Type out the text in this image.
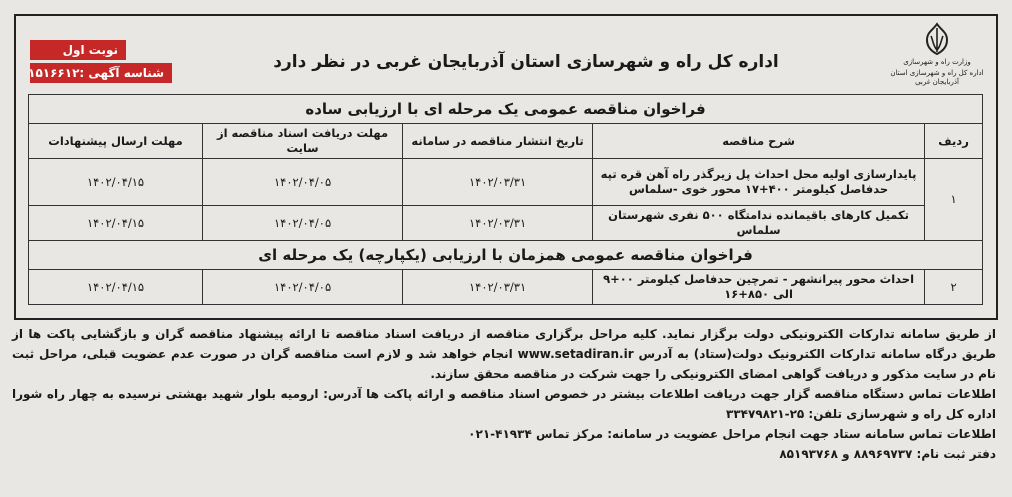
وزارت راه و شهرسازی
اداره کل راه و شهرسازی استان آذربایجان غربی
اداره کل راه و شهرسازی استان آذربایجان غربی در نظر دارد
نوبت اول
شناسه آگهی :
۱۵۱۶۶۱۲
فراخوان مناقصه عمومی یک مرحله ای با ارزیابی ساده				
ردیف	شرح مناقصه	تاریخ انتشار مناقصه در سامانه	مهلت دریافت اسناد مناقصه از سایت	مهلت ارسال پیشنهادات
۱	پایدارسازی اولیه محل احداث پل زیرگذر راه آهن قره تپه
حدفاصل کیلومتر ۴۰۰+۱۷ محور خوی -سلماس	۱۴۰۲/۰۳/۳۱	۱۴۰۲/۰۴/۰۵	۱۴۰۲/۰۴/۱۵
	تکمیل کارهای باقیمانده ندامتگاه ۵۰۰ نفری شهرستان سلماس	۱۴۰۲/۰۳/۳۱	۱۴۰۲/۰۴/۰۵	۱۴۰۲/۰۴/۱۵
فراخوان مناقصه عمومی همزمان با ارزیابی (یکپارچه) یک مرحله ای				
۲	احداث محور پیرانشهر - تمرچین حدفاصل کیلومتر ۰۰+۹ الی ۸۵۰+۱۶	۱۴۰۲/۰۳/۳۱	۱۴۰۲/۰۴/۰۵	۱۴۰۲/۰۴/۱۵

از طریق سامانه تدارکات الکترونیکی دولت برگزار نماید. کلیه مراحل برگزاری مناقصه از دریافت اسناد مناقصه تا ارائه پیشنهاد مناقصه گران و بازگشایی پاکت ها از طریق درگاه سامانه تدارکات الکترونیک دولت(ستاد) به آدرس www.setadiran.ir انجام خواهد شد و لازم است مناقصه گران در صورت عدم عضویت قبلی، مراحل ثبت نام در سایت مذکور و دریافت گواهی امضای الکترونیکی را جهت شرکت در مناقصه محقق سازند.

اطلاعات تماس دستگاه مناقصه گزار جهت دریافت اطلاعات بیشتر در خصوص اسناد مناقصه و ارائه پاکت ها آدرس: ارومیه بلوار شهید بهشتی نرسیده به چهار راه شورا اداره کل راه و شهرسازی تلفن: ۲۵-۳۳۴۷۹۸۲۱

اطلاعات تماس سامانه ستاد جهت انجام مراحل عضویت در سامانه: مرکز تماس ۴۱۹۳۴-۰۲۱

دفتر ثبت نام: ۸۸۹۶۹۷۳۷ و ۸۵۱۹۳۷۶۸
